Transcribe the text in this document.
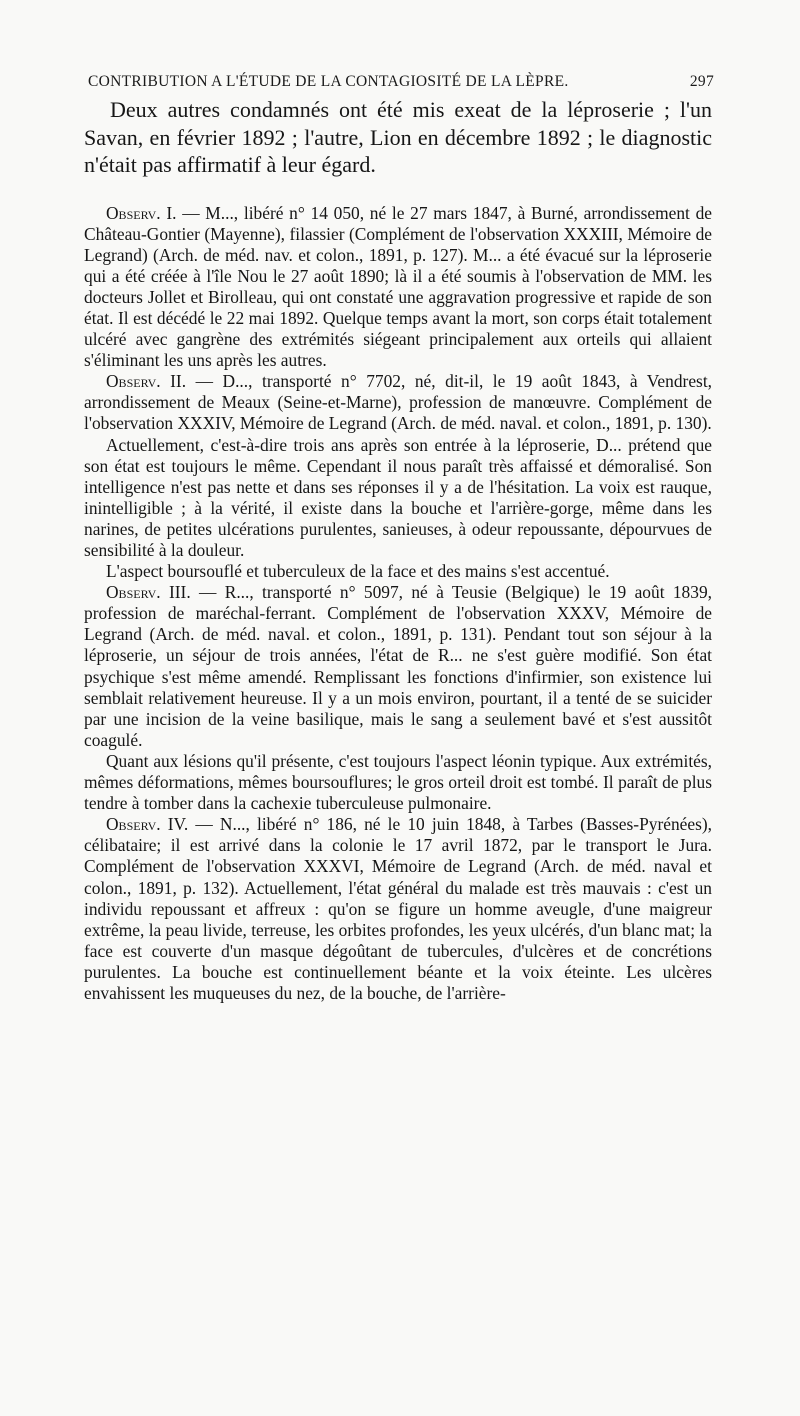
CONTRIBUTION A L'ÉTUDE DE LA CONTAGIOSITÉ DE LA LÈPRE.	297

Deux autres condamnés ont été mis exeat de la léproserie ; l'un Savan, en février 1892 ; l'autre, Lion en décembre 1892 ; le diagnostic n'était pas affirmatif à leur égard.

Observ. I. — M..., libéré n° 14 050, né le 27 mars 1847, à Burné, arrondissement de Château-Gontier (Mayenne), filassier (Complément de l'observation XXXIII, Mémoire de Legrand) (Arch. de méd. nav. et colon., 1891, p. 127). M... a été évacué sur la léproserie qui a été créée à l'île Nou le 27 août 1890; là il a été soumis à l'observation de MM. les docteurs Jollet et Birolleau, qui ont constaté une aggravation progressive et rapide de son état. Il est décédé le 22 mai 1892. Quelque temps avant la mort, son corps était totalement ulcéré avec gangrène des extrémités siégeant principalement aux orteils qui allaient s'éliminant les uns après les autres.

Observ. II. — D..., transporté n° 7702, né, dit-il, le 19 août 1843, à Vendrest, arrondissement de Meaux (Seine-et-Marne), profession de manœuvre. Complément de l'observation XXXIV, Mémoire de Legrand (Arch. de méd. naval. et colon., 1891, p. 130).

Actuellement, c'est-à-dire trois ans après son entrée à la léproserie, D... prétend que son état est toujours le même. Cependant il nous paraît très affaissé et démoralisé. Son intelligence n'est pas nette et dans ses réponses il y a de l'hésitation. La voix est rauque, inintelligible ; à la vérité, il existe dans la bouche et l'arrière-gorge, même dans les narines, de petites ulcérations purulentes, sanieuses, à odeur repoussante, dépourvues de sensibilité à la douleur.

L'aspect boursouflé et tuberculeux de la face et des mains s'est accentué.

Observ. III. — R..., transporté n° 5097, né à Teusie (Belgique) le 19 août 1839, profession de maréchal-ferrant. Complément de l'observation XXXV, Mémoire de Legrand (Arch. de méd. naval. et colon., 1891, p. 131). Pendant tout son séjour à la léproserie, un séjour de trois années, l'état de R... ne s'est guère modifié. Son état psychique s'est même amendé. Remplissant les fonctions d'infirmier, son existence lui semblait relativement heureuse. Il y a un mois environ, pourtant, il a tenté de se suicider par une incision de la veine basilique, mais le sang a seulement bavé et s'est aussitôt coagulé.

Quant aux lésions qu'il présente, c'est toujours l'aspect léonin typique. Aux extrémités, mêmes déformations, mêmes boursouflures; le gros orteil droit est tombé. Il paraît de plus tendre à tomber dans la cachexie tuberculeuse pulmonaire.

Observ. IV. — N..., libéré n° 186, né le 10 juin 1848, à Tarbes (Basses-Pyrénées), célibataire; il est arrivé dans la colonie le 17 avril 1872, par le transport le Jura. Complément de l'observation XXXVI, Mémoire de Legrand (Arch. de méd. naval et colon., 1891, p. 132). Actuellement, l'état général du malade est très mauvais : c'est un individu repoussant et affreux : qu'on se figure un homme aveugle, d'une maigreur extrême, la peau livide, terreuse, les orbites profondes, les yeux ulcérés, d'un blanc mat; la face est couverte d'un masque dégoûtant de tubercules, d'ulcères et de concrétions purulentes. La bouche est continuellement béante et la voix éteinte. Les ulcères envahissent les muqueuses du nez, de la bouche, de l'arrière-
